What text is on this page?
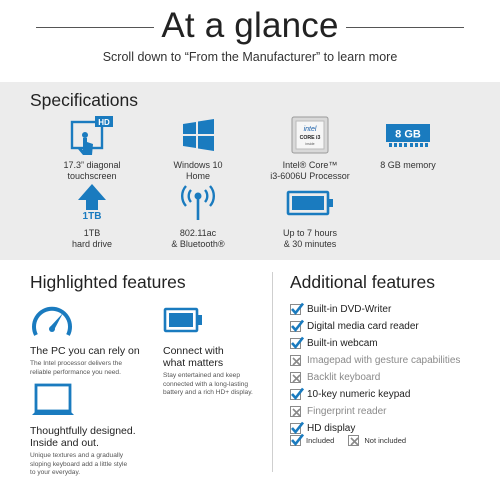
At a glance
Scroll down to “From the Manufacturer” to learn more
Specifications
HD
17.3” diagonal
touchscreen
Windows 10
Home
intel
CORE i3
inside
Intel® Core™
i3-6006U Processor
8 GB
8 GB memory
1TB
1TB
hard drive
802.11ac
& Bluetooth®
Up to 7 hours
& 30 minutes
Highlighted features
The PC you can rely on
The Intel processor delivers the
reliable performance you need.
Connect with
what matters
Stay entertained and keep
connected with a long-lasting
battery and a rich HD+ display.
Thoughtfully designed.
Inside and out.
Unique textures and a gradually
sloping keyboard add a little style
to your everyday.
Additional features
Built-in DVD-Writer
Digital media card reader
Built-in webcam
Imagepad with gesture capabilities
Backlit keyboard
10-key numeric keypad
Fingerprint reader
HD display
Included	Not included
